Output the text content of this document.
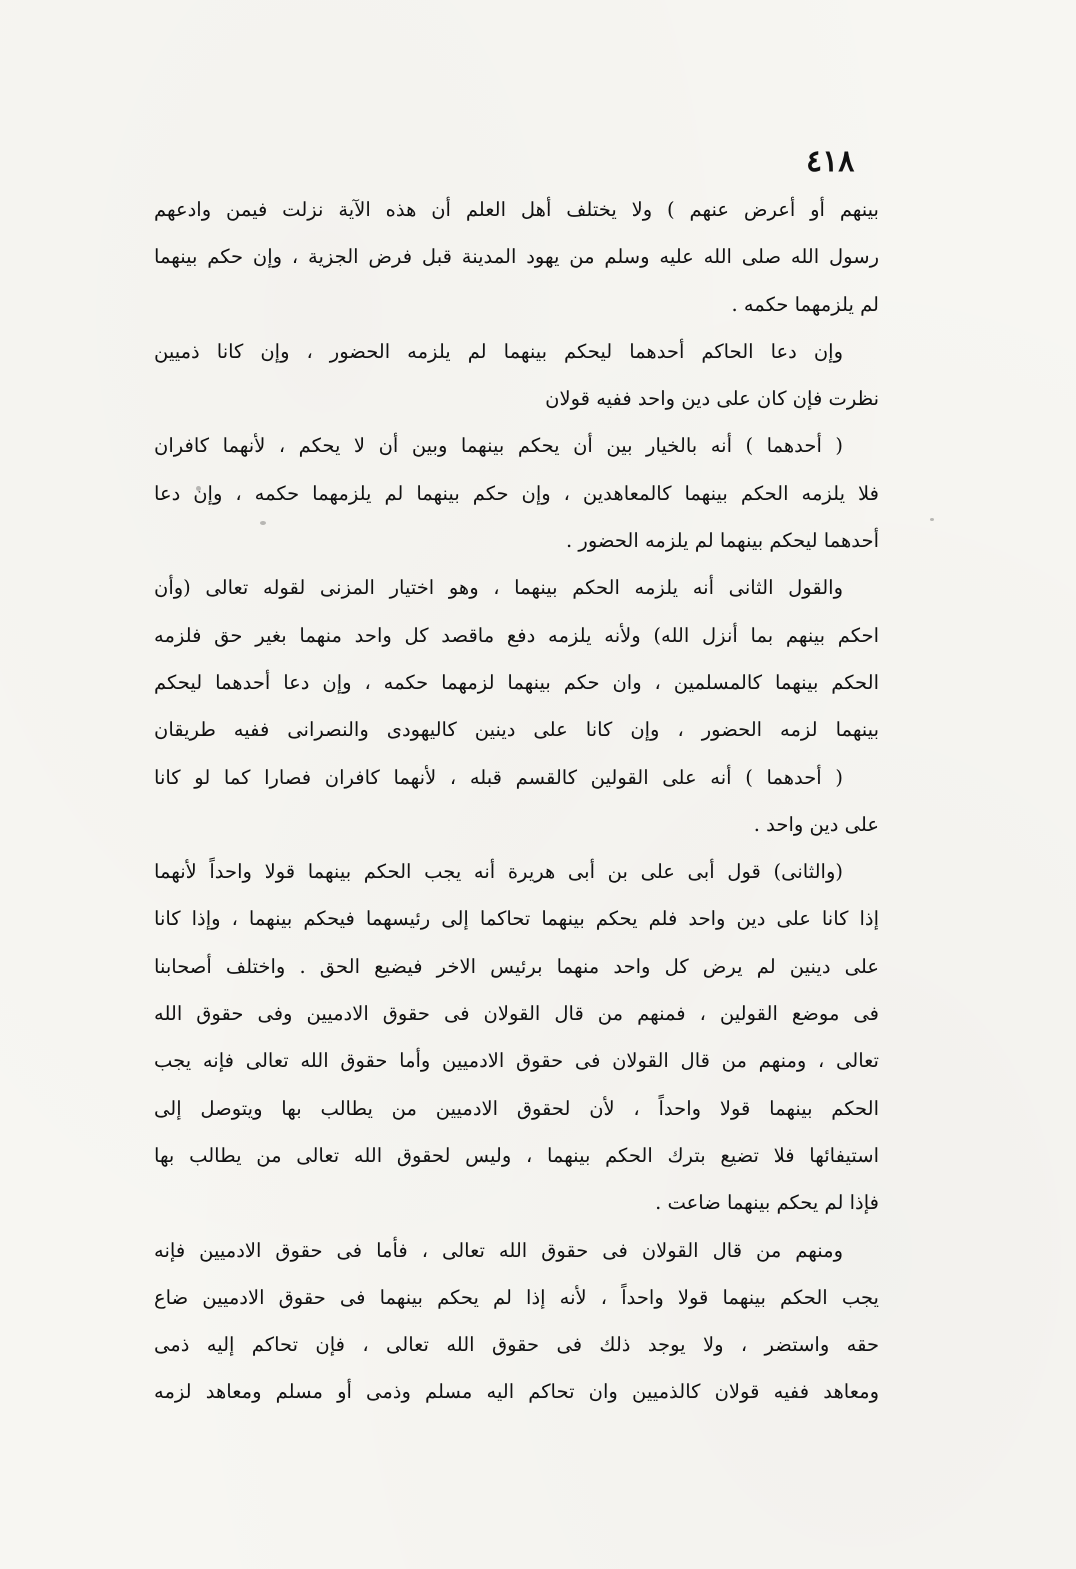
٤١٨
بينهم أو أعرض عنهم ) ولا يختلف أهل العلم أن هذه الآية نزلت فيمن وادعهم
رسول الله صلى الله عليه وسلم من يهود المدينة قبل فرض الجزية ، وإن حكم بينهما
لم يلزمهما حكمه .
وإن دعا الحاكم أحدهما ليحكم بينهما لم يلزمه الحضور ، وإن كانا ذميين
نظرت فإن كان على دين واحد ففيه قولان
( أحدهما ) أنه بالخيار بين أن يحكم بينهما وبين أن لا يحكم ، لأنهما كافران
فلا يلزمه الحكم بينهما كالمعاهدين ، وإن حكم بينهما لم يلزمهما حكمه ، وإن دعا
أحدهما ليحكم بينهما لم يلزمه الحضور .
والقول الثانى أنه يلزمه الحكم بينهما ، وهو اختيار المزنى لقوله تعالى (وأن
احكم بينهم بما أنزل الله) ولأنه يلزمه دفع ماقصد كل واحد منهما بغير حق فلزمه
الحكم بينهما كالمسلمين ، وان حكم بينهما لزمهما حكمه ، وإن دعا أحدهما ليحكم
بينهما لزمه الحضور ، وإن كانا على دينين كاليهودى والنصرانى ففيه طريقان
( أحدهما ) أنه على القولين كالقسم قبله ، لأنهما كافران فصارا كما لو كانا
على دين واحد .
(والثانى) قول أبى على بن أبى هريرة أنه يجب الحكم بينهما قولا واحداً لأنهما
إذا كانا على دين واحد فلم يحكم بينهما تحاكما إلى رئيسهما فيحكم بينهما ، وإذا كانا
على دينين لم يرض كل واحد منهما برئيس الاخر فيضيع الحق . واختلف أصحابنا
فى موضع القولين ، فمنهم من قال القولان فى حقوق الادميين وفى حقوق الله
تعالى ، ومنهم من قال القولان فى حقوق الادميين وأما حقوق الله تعالى فإنه يجب
الحكم بينهما قولا واحداً ، لأن لحقوق الادميين من يطالب بها ويتوصل إلى
استيفائها فلا تضيع بترك الحكم بينهما ، وليس لحقوق الله تعالى من يطالب بها
فإذا لم يحكم بينهما ضاعت .
ومنهم من قال القولان فى حقوق الله تعالى ، فأما فى حقوق الادميين فإنه
يجب الحكم بينهما قولا واحداً ، لأنه إذا لم يحكم بينهما فى حقوق الادميين ضاع
حقه واستضر ، ولا يوجد ذلك فى حقوق الله تعالى ، فإن تحاكم إليه ذمى
ومعاهد ففيه قولان كالذميين وان تحاكم اليه مسلم وذمى أو مسلم ومعاهد لزمه
